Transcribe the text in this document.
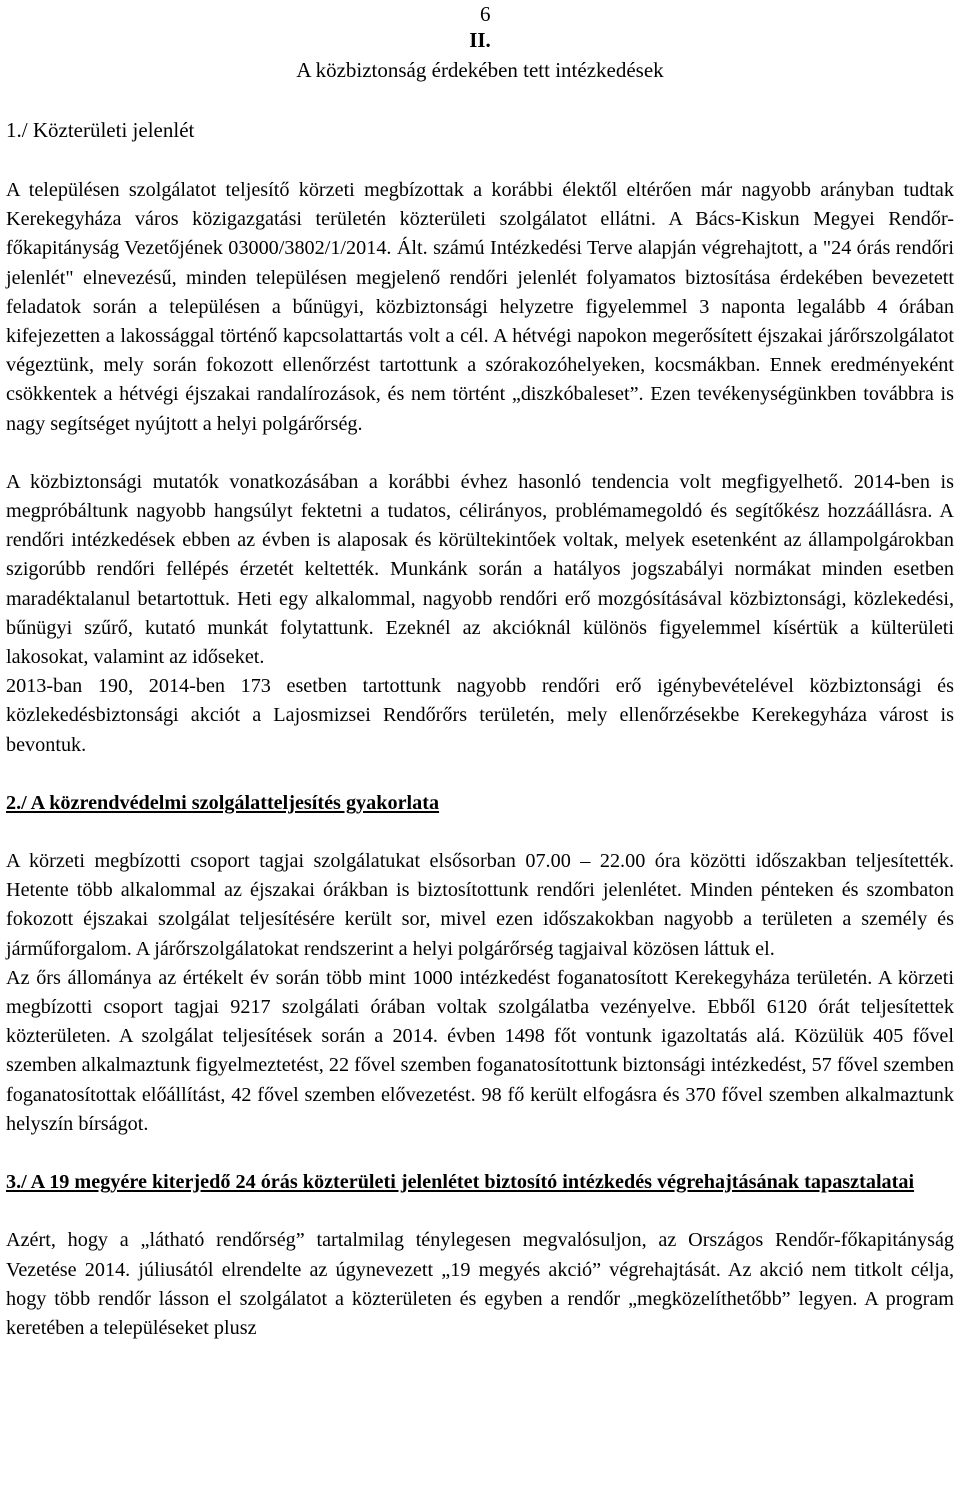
6
II.
A közbiztonság érdekében tett intézkedések
1./ Közterületi jelenlét

A településen szolgálatot teljesítő körzeti megbízottak a korábbi élektől eltérően már nagyobb arányban tudtak Kerekegyháza város közigazgatási területén közterületi szolgálatot ellátni. A Bács-Kiskun Megyei Rendőr-főkapitányság Vezetőjének 03000/3802/1/2014. Ált. számú Intézkedési Terve alapján végrehajtott, a "24 órás rendőri jelenlét" elnevezésű, minden településen megjelenő rendőri jelenlét folyamatos biztosítása érdekében bevezetett feladatok során a településen a bűnügyi, közbiztonsági helyzetre figyelemmel 3 naponta legalább 4 órában kifejezetten a lakossággal történő kapcsolattartás volt a cél. A hétvégi napokon megerősített éjszakai járőrszolgálatot végeztünk, mely során fokozott ellenőrzést tartottunk a szórakozóhelyeken, kocsmákban. Ennek eredményeként csökkentek a hétvégi éjszakai randalírozások, és nem történt „diszkóbaleset”. Ezen tevékenységünkben továbbra is nagy segítséget nyújtott a helyi polgárőrség.

A közbiztonsági mutatók vonatkozásában a korábbi évhez hasonló tendencia volt megfigyelhető. 2014-ben is megpróbáltunk nagyobb hangsúlyt fektetni a tudatos, célirányos, problémamegoldó és segítőkész hozzáállásra. A rendőri intézkedések ebben az évben is alaposak és körültekintőek voltak, melyek esetenként az állampolgárokban szigorúbb rendőri fellépés érzetét keltették. Munkánk során a hatályos jogszabályi normákat minden esetben maradéktalanul betartottuk. Heti egy alkalommal, nagyobb rendőri erő mozgósításával közbiztonsági, közlekedési, bűnügyi szűrő, kutató munkát folytattunk. Ezeknél az akcióknál különös figyelemmel kísértük a külterületi lakosokat, valamint az időseket.

2013-ban 190, 2014-ben 173 esetben tartottunk nagyobb rendőri erő igénybevételével közbiztonsági és közlekedésbiztonsági akciót a Lajosmizsei Rendőrőrs területén, mely ellenőrzésekbe Kerekegyháza várost is bevontuk.

2./ A közrendvédelmi szolgálatteljesítés gyakorlata

A körzeti megbízotti csoport tagjai szolgálatukat elsősorban 07.00 – 22.00 óra közötti időszakban teljesítették. Hetente több alkalommal az éjszakai órákban is biztosítottunk rendőri jelenlétet. Minden pénteken és szombaton fokozott éjszakai szolgálat teljesítésére került sor, mivel ezen időszakokban nagyobb a területen a személy és járműforgalom. A járőrszolgálatokat rendszerint a helyi polgárőrség tagjaival közösen láttuk el.

Az őrs állománya az értékelt év során több mint 1000 intézkedést foganatosított Kerekegyháza területén. A körzeti megbízotti csoport tagjai 9217 szolgálati órában voltak szolgálatba vezényelve. Ebből 6120 órát teljesítettek közterületen. A szolgálat teljesítések során a 2014. évben 1498 főt vontunk igazoltatás alá. Közülük 405 fővel szemben alkalmaztunk figyelmeztetést, 22 fővel szemben foganatosítottunk biztonsági intézkedést, 57 fővel szemben foganatosítottak előállítást, 42 fővel szemben elővezetést. 98 fő került elfogásra és 370 fővel szemben alkalmaztunk helyszín bírságot.

3./ A 19 megyére kiterjedő 24 órás közterületi jelenlétet biztosító intézkedés végrehajtásának tapasztalatai

Azért, hogy a „látható rendőrség” tartalmilag ténylegesen megvalósuljon, az Országos Rendőr-főkapitányság Vezetése 2014. júliusától elrendelte az úgynevezett „19 megyés akció” végrehajtását. Az akció nem titkolt célja, hogy több rendőr lásson el szolgálatot a közterületen és egyben a rendőr „megközelíthetőbb” legyen. A program keretében a településeket plusz
